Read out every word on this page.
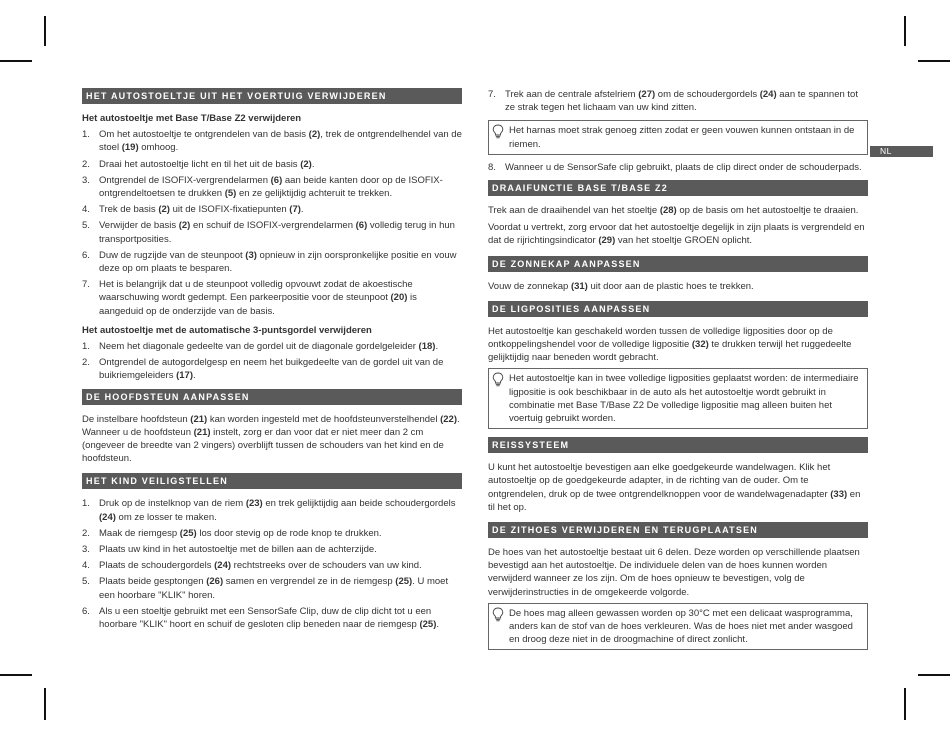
NL
HET AUTOSTOELTJE UIT HET VOERTUIG VERWIJDEREN
Het autostoeltje met Base T/Base Z2 verwijderen
1. Om het autostoeltje te ontgrendelen van de basis (2), trek de ontgrendelhendel van de stoel (19) omhoog.
2. Draai het autostoeltje licht en til het uit de basis (2).
3. Ontgrendel de ISOFIX-vergrendelarmen (6) aan beide kanten door op de ISOFIX-ontgrendeltoetsen te drukken (5) en ze gelijktijdig achteruit te trekken.
4. Trek de basis (2) uit de ISOFIX-fixatiepunten (7).
5. Verwijder de basis (2) en schuif de ISOFIX-vergrendelarmen (6) volledig terug in hun transportposities.
6. Duw de rugzijde van de steunpoot (3) opnieuw in zijn oorspronkelijke positie en vouw deze op om plaats te besparen.
7. Het is belangrijk dat u de steunpoot volledig opvouwt zodat de akoestische waarschuwing wordt gedempt. Een parkeerpositie voor de steunpoot (20) is aangeduid op de onderzijde van de basis.
Het autostoeltje met de automatische 3-puntsgordel verwijderen
1. Neem het diagonale gedeelte van de gordel uit de diagonale gordelgeleider (18).
2. Ontgrendel de autogordelgesp en neem het buikgedeelte van de gordel uit van de buikriemgeleiders (17).
DE HOOFDSTEUN AANPASSEN
De instelbare hoofdsteun (21) kan worden ingesteld met de hoofdsteunverstelhendel (22). Wanneer u de hoofdsteun (21) instelt, zorg er dan voor dat er niet meer dan 2 cm (ongeveer de breedte van 2 vingers) overblijft tussen de schouders van het kind en de hoofdsteun.
HET KIND VEILIGSTELLEN
1. Druk op de instelknop van de riem (23) en trek gelijktijdig aan beide schoudergordels (24) om ze losser te maken.
2. Maak de riemgesp (25) los door stevig op de rode knop te drukken.
3. Plaats uw kind in het autostoeltje met de billen aan de achterzijde.
4. Plaats de schoudergordels (24) rechtstreeks over de schouders van uw kind.
5. Plaats beide gesptongen (26) samen en vergrendel ze in de riemgesp (25). U moet een hoorbare "KLIK" horen.
6. Als u een stoeltje gebruikt met een SensorSafe Clip, duw de clip dicht tot u een hoorbare "KLIK" hoort en schuif de gesloten clip beneden naar de riemgesp (25).
7. Trek aan de centrale afstelriem (27) om de schoudergordels (24) aan te spannen tot ze strak tegen het lichaam van uw kind zitten.
Het harnas moet strak genoeg zitten zodat er geen vouwen kunnen ontstaan in de riemen.
8. Wanneer u de SensorSafe clip gebruikt, plaats de clip direct onder de schouderpads.
DRAAIFUNCTIE BASE T/BASE Z2
Trek aan de draaihendel van het stoeltje (28) op de basis om het autostoeltje te draaien.
Voordat u vertrekt, zorg ervoor dat het autostoeltje degelijk in zijn plaats is vergrendeld en dat de rijrichtingsindicator (29) van het stoeltje GROEN oplicht.
DE ZONNEKAP AANPASSEN
Vouw de zonnekap (31) uit door aan de plastic hoes te trekken.
DE LIGPOSITIES AANPASSEN
Het autostoeltje kan geschakeld worden tussen de volledige ligposities door op de ontkoppelingshendel voor de volledige ligpositie (32) te drukken terwijl het ruggedeelte gelijktijdig naar beneden wordt gebracht.
Het autostoeltje kan in twee volledige ligposities geplaatst worden: de intermediaire ligpositie is ook beschikbaar in de auto als het autostoeltje wordt gebruikt in combinatie met Base T/Base Z2 De volledige ligpositie mag alleen buiten het voertuig gebruikt worden.
REISSYSTEEM
U kunt het autostoeltje bevestigen aan elke goedgekeurde wandelwagen. Klik het autostoeltje op de goedgekeurde adapter, in de richting van de ouder. Om te ontgrendelen, druk op de twee ontgrendelknoppen voor de wandelwagenadapter (33) en til het op.
DE ZITHOES VERWIJDEREN EN TERUGPLAATSEN
De hoes van het autostoeltje bestaat uit 6 delen. Deze worden op verschillende plaatsen bevestigd aan het autostoeltje. De individuele delen van de hoes kunnen worden verwijderd wanneer ze los zijn. Om de hoes opnieuw te bevestigen, volg de verwijderinstructies in de omgekeerde volgorde.
De hoes mag alleen gewassen worden op 30°C met een delicaat wasprogramma, anders kan de stof van de hoes verkleuren. Was de hoes niet met ander wasgoed en droog deze niet in de droogmachine of direct zonlicht.
